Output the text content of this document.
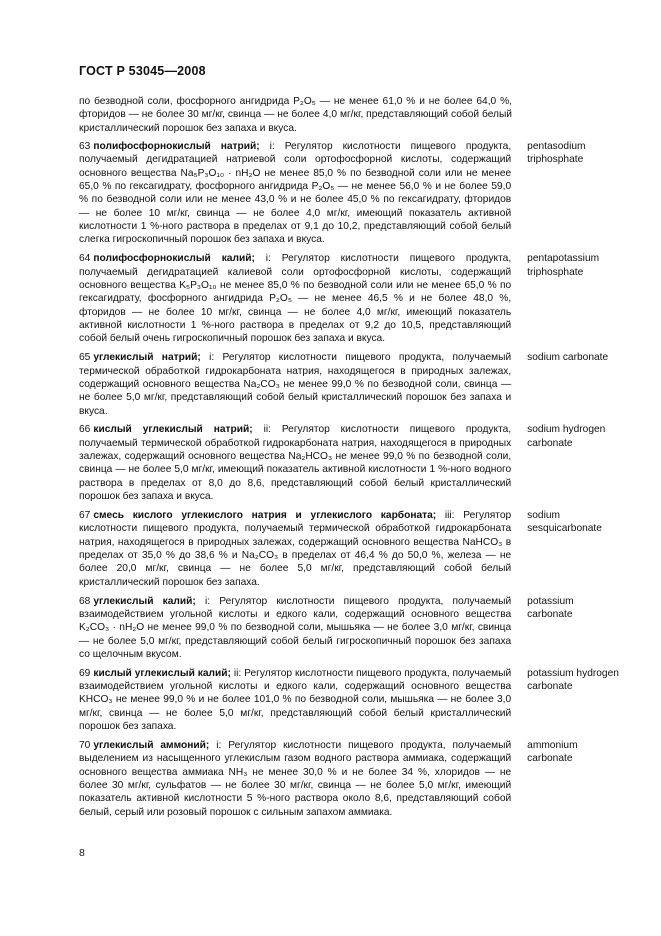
ГОСТ Р 53045—2008
по безводной соли, фосфорного ангидрида P₂O₅ — не менее 61,0 % и не более 64,0 %, фторидов — не более 30 мг/кг, свинца — не более 4,0 мг/кг, представляющий собой белый кристаллический порошок без запаха и вкуса.
63 полифосфорнокислый натрий; i: Регулятор кислотности пищевого продукта, получаемый дегидратацией натриевой соли ортофосфорной кислоты, содержащий основного вещества Na₅P₃O₁₀ · nH₂O не менее 85,0 % по безводной соли или не менее 65,0 % по гексагидрату, фосфорного ангидрида P₂O₅ — не менее 56,0 % и не более 59,0 % по безводной соли или не менее 43,0 % и не более 45,0 % по гексагидрату, фторидов — не более 10 мг/кг, свинца — не более 4,0 мг/кг, имеющий показатель активной кислотности 1 %-ного раствора в пределах от 9,1 до 10,2, представляющий собой белый слегка гигроскопичный порошок без запаха и вкуса.
pentasodium triphosphate
64 полифосфорнокислый калий; i: Регулятор кислотности пищевого продукта, получаемый дегидратацией калиевой соли ортофосфорной кислоты, содержащий основного вещества K₅P₃O₁₀ не менее 85,0 % по безводной соли или не менее 65,0 % по гексагидрату, фосфорного ангидрида P₂O₅ — не менее 46,5 % и не более 48,0 %, фторидов — не более 10 мг/кг, свинца — не более 4,0 мг/кг, имеющий показатель активной кислотности 1 %-ного раствора в пределах от 9,2 до 10,5, представляющий собой белый очень гигроскопичный порошок без запаха и вкуса.
pentapotassium triphosphate
65 углекислый натрий; i: Регулятор кислотности пищевого продукта, получаемый термической обработкой гидрокарбоната натрия, находящегося в природных залежах, содержащий основного вещества Na₂CO₃ не менее 99,0 % по безводной соли, свинца — не более 5,0 мг/кг, представляющий собой белый кристаллический порошок без запаха и вкуса.
sodium carbonate
66 кислый углекислый натрий; ii: Регулятор кислотности пищевого продукта, получаемый термической обработкой гидрокарбоната натрия, находящегося в природных залежах, содержащий основного вещества Na₂HCO₃ не менее 99,0 % по безводной соли, свинца — не более 5,0 мг/кг, имеющий показатель активной кислотности 1 %-ного водного раствора в пределах от 8,0 до 8,6, представляющий собой белый кристаллический порошок без запаха и вкуса.
sodium hydrogen carbonate
67 смесь кислого углекислого натрия и углекислого карбоната; iii: Регулятор кислотности пищевого продукта, получаемый термической обработкой гидрокарбоната натрия, находящегося в природных залежах, содержащий основного вещества NaHCO₃ в пределах от 35,0 % до 38,6 % и Na₂CO₃ в пределах от 46,4 % до 50,0 %, железа — не более 20,0 мг/кг, свинца — не более 5,0 мг/кг, представляющий собой белый кристаллический порошок без запаха.
sodium sesquicarbonate
68 углекислый калий; i: Регулятор кислотности пищевого продукта, получаемый взаимодействием угольной кислоты и едкого кали, содержащий основного вещества K₂CO₃ · nH₂O не менее 99,0 % по безводной соли, мышьяка — не более 3,0 мг/кг, свинца — не более 5,0 мг/кг, представляющий собой белый гигроскопичный порошок без запаха со щелочным вкусом.
potassium carbonate
69 кислый углекислый калий; ii: Регулятор кислотности пищевого продукта, получаемый взаимодействием угольной кислоты и едкого кали, содержащий основного вещества KHCO₃ не менее 99,0 % и не более 101,0 % по безводной соли, мышьяка — не более 3,0 мг/кг, свинца — не более 5,0 мг/кг, представляющий собой белый кристаллический порошок без запаха.
potassium hydrogen carbonate
70 углекислый аммоний; i: Регулятор кислотности пищевого продукта, получаемый выделением из насыщенного углекислым газом водного раствора аммиака, содержащий основного вещества аммиака NH₃ не менее 30,0 % и не более 34 %, хлоридов — не более 30 мг/кг, сульфатов — не более 30 мг/кг, свинца — не более 5,0 мг/кг, имеющий показатель активной кислотности 5 %-ного раствора около 8,6, представляющий собой белый, серый или розовый порошок с сильным запахом аммиака.
ammonium carbonate
8
